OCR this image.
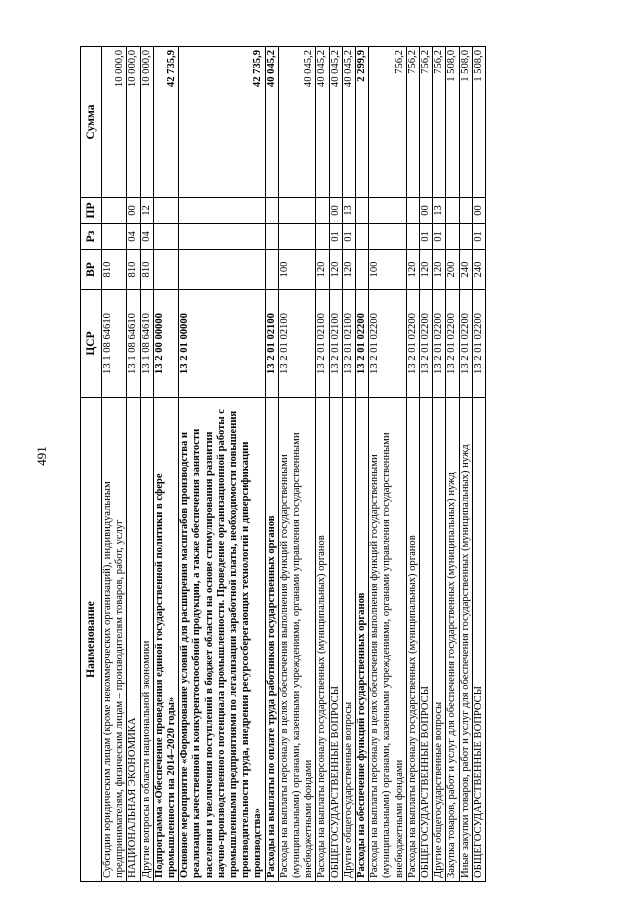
491
Наименование	ЦСР	ВР	Рз	ПР	Сумма
Субсидии юридическим лицам (кроме некоммерческих организаций), индивидуальным предпринимателям, физическим лицам – производителям товаров, работ, услуг	13 1 08 64610	810			10 000,0
НАЦИОНАЛЬНАЯ ЭКОНОМИКА	13 1 08 64610	810	04	00	10 000,0
Другие вопросы в области национальной экономики	13 1 08 64610	810	04	12	10 000,0
Подпрограмма «Обеспечение проведения единой государственной политики в сфере промышленности на 2014–2020 годы»	13 2 00 00000				42 735,9
Основное мероприятие «Формирование условий для расширения масштабов производства и реализации качественной и конкурентоспособной продукции, а также обеспечения занятости населения и увеличения поступлений в бюджет области на основе стимулирования развития научно-производственного потенциала промышленности. Проведение организационной работы с промышленными предприятиями по легализации заработной платы, необходимости повышения производительности труда, внедрения ресурсосберегающих технологий и диверсификации производства»	13 2 01 00000				42 735,9
Расходы на выплаты по оплате труда работников государственных органов	13 2 01 02100				40 045,2
Расходы на выплаты персоналу в целях обеспечения выполнения функций государственными (муниципальными) органами, казенными учреждениями, органами управления государственными внебюджетными фондами	13 2 01 02100	100			40 045,2
Расходы на выплаты персоналу государственных (муниципальных) органов	13 2 01 02100	120			40 045,2
ОБЩЕГОСУДАРСТВЕННЫЕ ВОПРОСЫ	13 2 01 02100	120	01	00	40 045,2
Другие общегосударственные вопросы	13 2 01 02100	120	01	13	40 045,2
Расходы на обеспечение функций государственных органов	13 2 01 02200				2 299,9
Расходы на выплаты персоналу в целях обеспечения выполнения функций государственными (муниципальными) органами, казенными учреждениями, органами управления государственными внебюджетными фондами	13 2 01 02200	100			756,2
Расходы на выплаты персоналу государственных (муниципальных) органов	13 2 01 02200	120			756,2
ОБЩЕГОСУДАРСТВЕННЫЕ ВОПРОСЫ	13 2 01 02200	120	01	00	756,2
Другие общегосударственные вопросы	13 2 01 02200	120	01	13	756,2
Закупка товаров, работ и услуг для обеспечения государственных (муниципальных) нужд	13 2 01 02200	200			1 508,0
Иные закупки товаров, работ и услуг для обеспечения государственных (муниципальных) нужд	13 2 01 02200	240			1 508,0
ОБЩЕГОСУДАРСТВЕННЫЕ ВОПРОСЫ	13 2 01 02200	240	01	00	1 508,0
